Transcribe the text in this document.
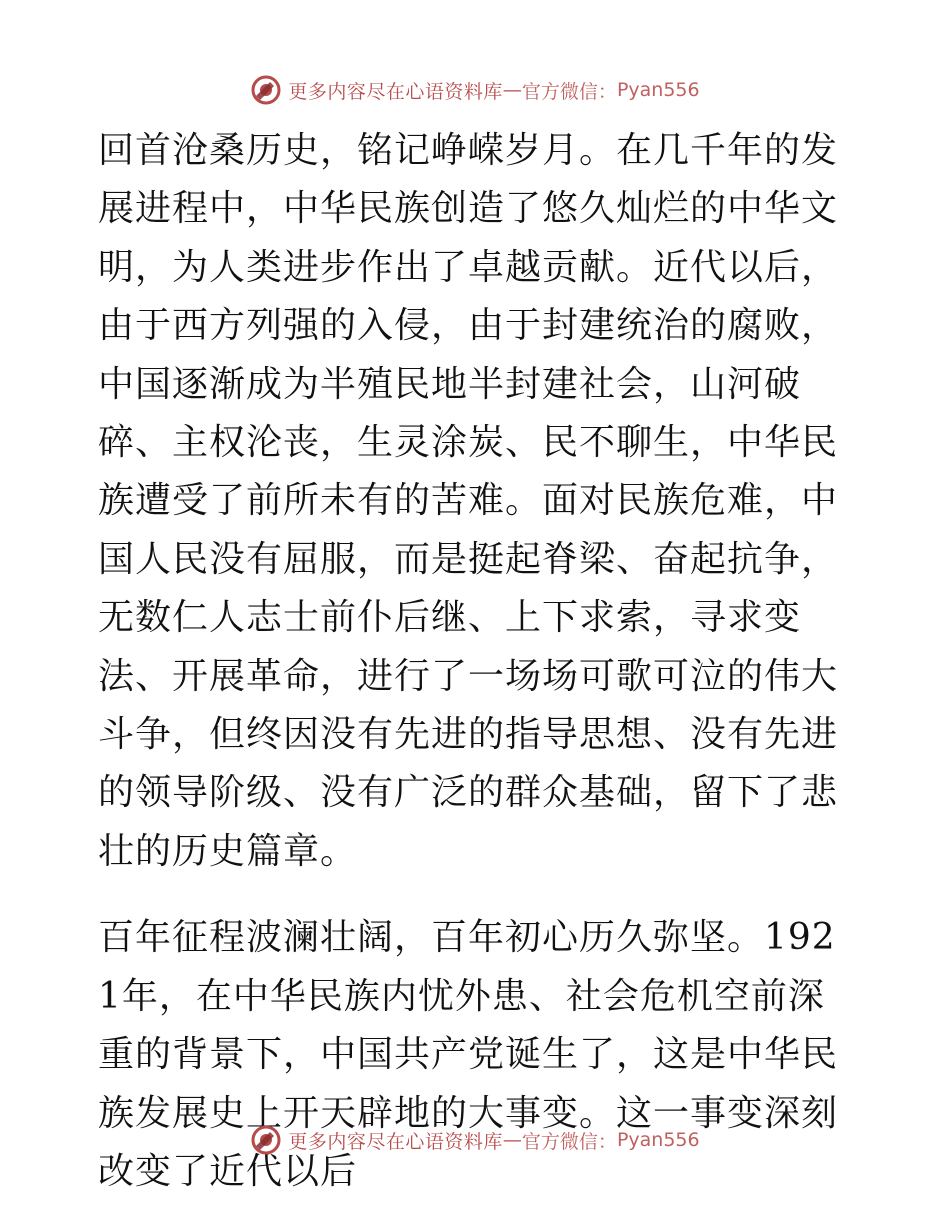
更多内容尽在心语资料库 — 官方微信： Pyan556

回首沧桑历史，铭记峥嵘岁月。在几千年的发展进程中，中华民族创造了悠久灿烂的中华文明，为人类进步作出了卓越贡献。近代以后，由于西方列强的入侵，由于封建统治的腐败，中国逐渐成为半殖民地半封建社会，山河破碎、主权沦丧，生灵涂炭、民不聊生，中华民族遭受了前所未有的苦难。面对民族危难，中国人民没有屈服，而是挺起脊梁、奋起抗争，无数仁人志士前仆后继、上下求索，寻求变法、开展革命，进行了一场场可歌可泣的伟大斗争，但终因没有先进的指导思想、没有先进的领导阶级、没有广泛的群众基础，留下了悲壮的历史篇章。

百年征程波澜壮阔，百年初心历久弥坚。1921年，在中华民族内忧外患、社会危机空前深重的背景下，中国共产党诞生了，这是中华民族发展史上开天辟地的大事变。这一事变深刻改变了近代以后

更多内容尽在心语资料库 — 官方微信： Pyan556
